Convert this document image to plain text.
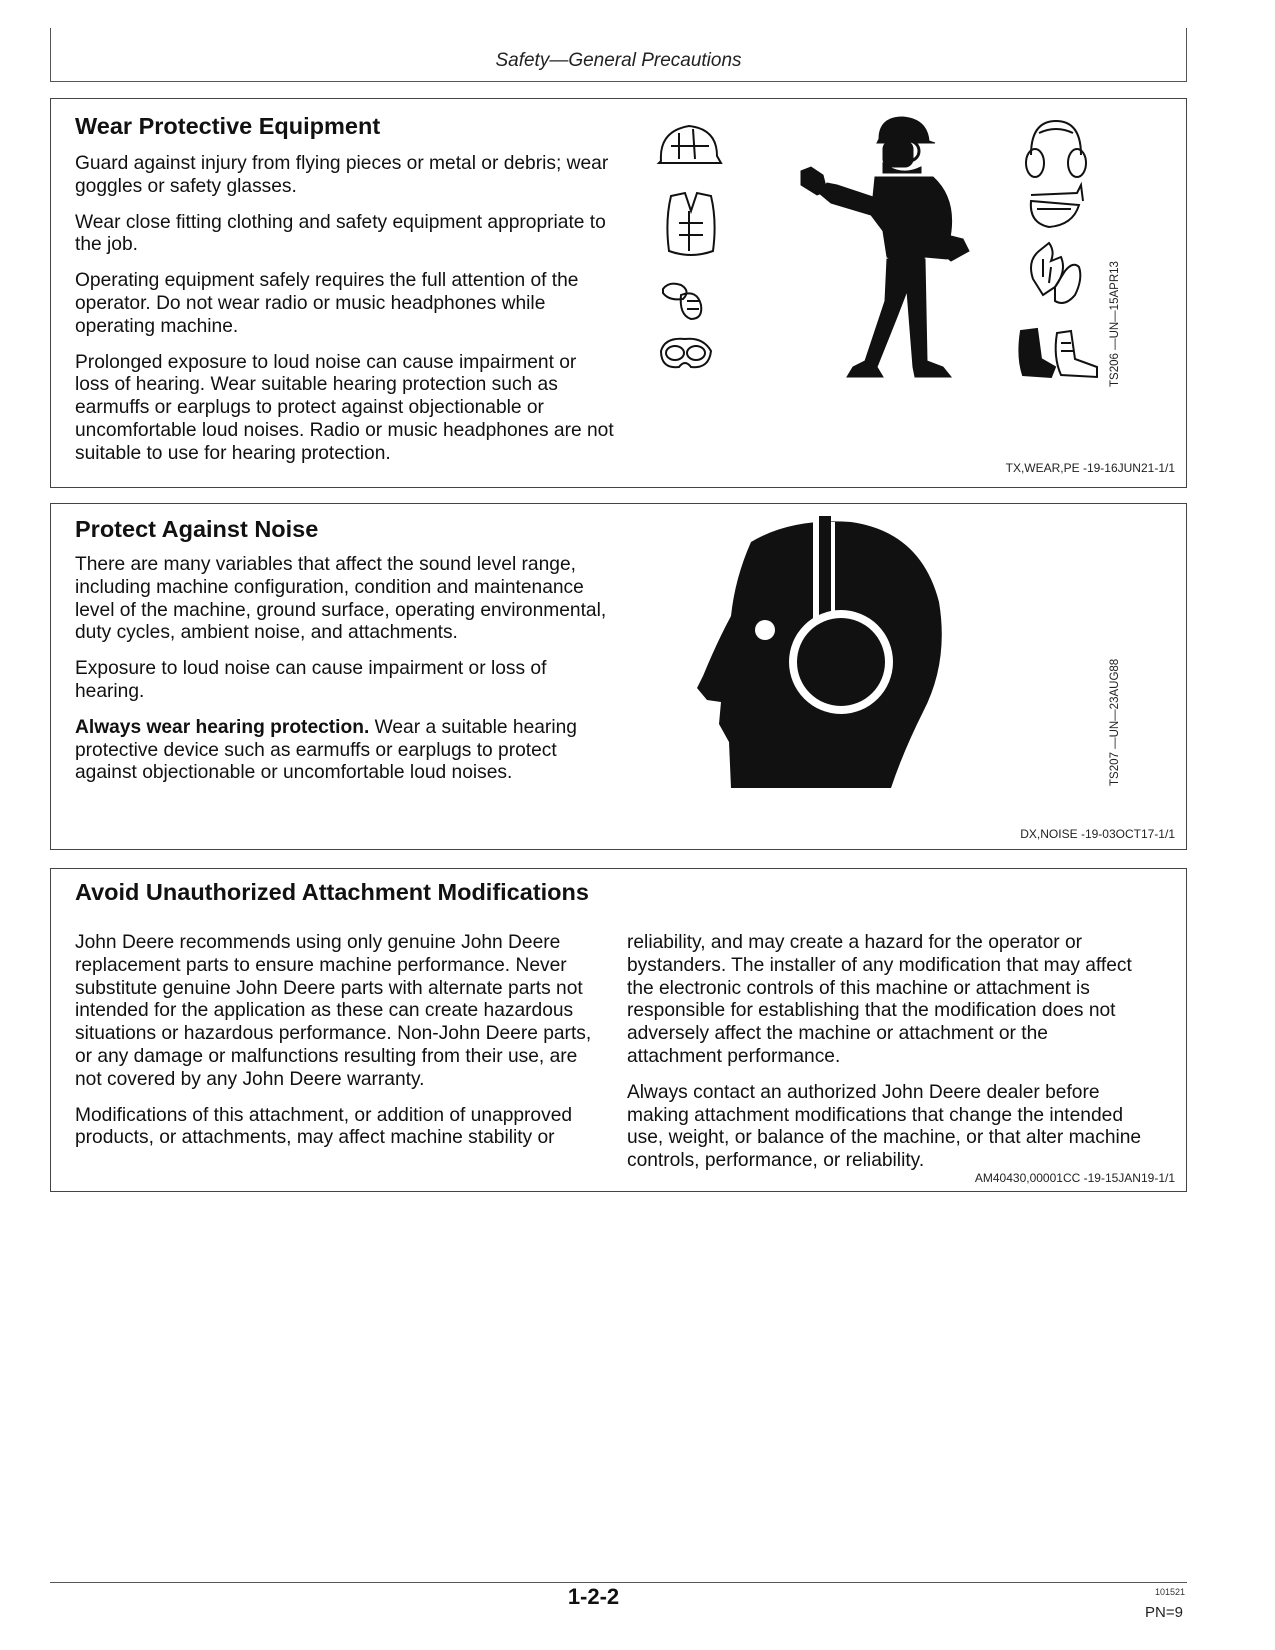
Safety—General Precautions
Wear Protective Equipment

Guard against injury from flying pieces or metal or debris; wear goggles or safety glasses.

Wear close fitting clothing and safety equipment appropriate to the job.

Operating equipment safely requires the full attention of the operator. Do not wear radio or music headphones while operating machine.

Prolonged exposure to loud noise can cause impairment or loss of hearing. Wear suitable hearing protection such as earmuffs or earplugs to protect against objectionable or uncomfortable loud noises. Radio or music headphones are not suitable to use for hearing protection.

TS206 —UN—15APR13
TX,WEAR,PE -19-16JUN21-1/1
Protect Against Noise

There are many variables that affect the sound level range, including machine configuration, condition and maintenance level of the machine, ground surface, operating environmental, duty cycles, ambient noise, and attachments.

Exposure to loud noise can cause impairment or loss of hearing.

Always wear hearing protection. Wear a suitable hearing protective device such as earmuffs or earplugs to protect against objectionable or uncomfortable loud noises.	TS207 —UN—23AUG88
DX,NOISE -19-03OCT17-1/1
Avoid Unauthorized Attachment Modifications

John Deere recommends using only genuine John Deere replacement parts to ensure machine performance. Never substitute genuine John Deere parts with alternate parts not intended for the application as these can create hazardous situations or hazardous performance. Non-John Deere parts, or any damage or malfunctions resulting from their use, are not covered by any John Deere warranty.

Modifications of this attachment, or addition of unapproved products, or attachments, may affect machine stability or

reliability, and may create a hazard for the operator or bystanders. The installer of any modification that may affect the electronic controls of this machine or attachment is responsible for establishing that the modification does not adversely affect the machine or attachment or the attachment performance.

Always contact an authorized John Deere dealer before making attachment modifications that change the intended use, weight, or balance of the machine, or that alter machine controls, performance, or reliability.

AM40430,00001CC -19-15JAN19-1/1
1-2-2	101521
PN=9
